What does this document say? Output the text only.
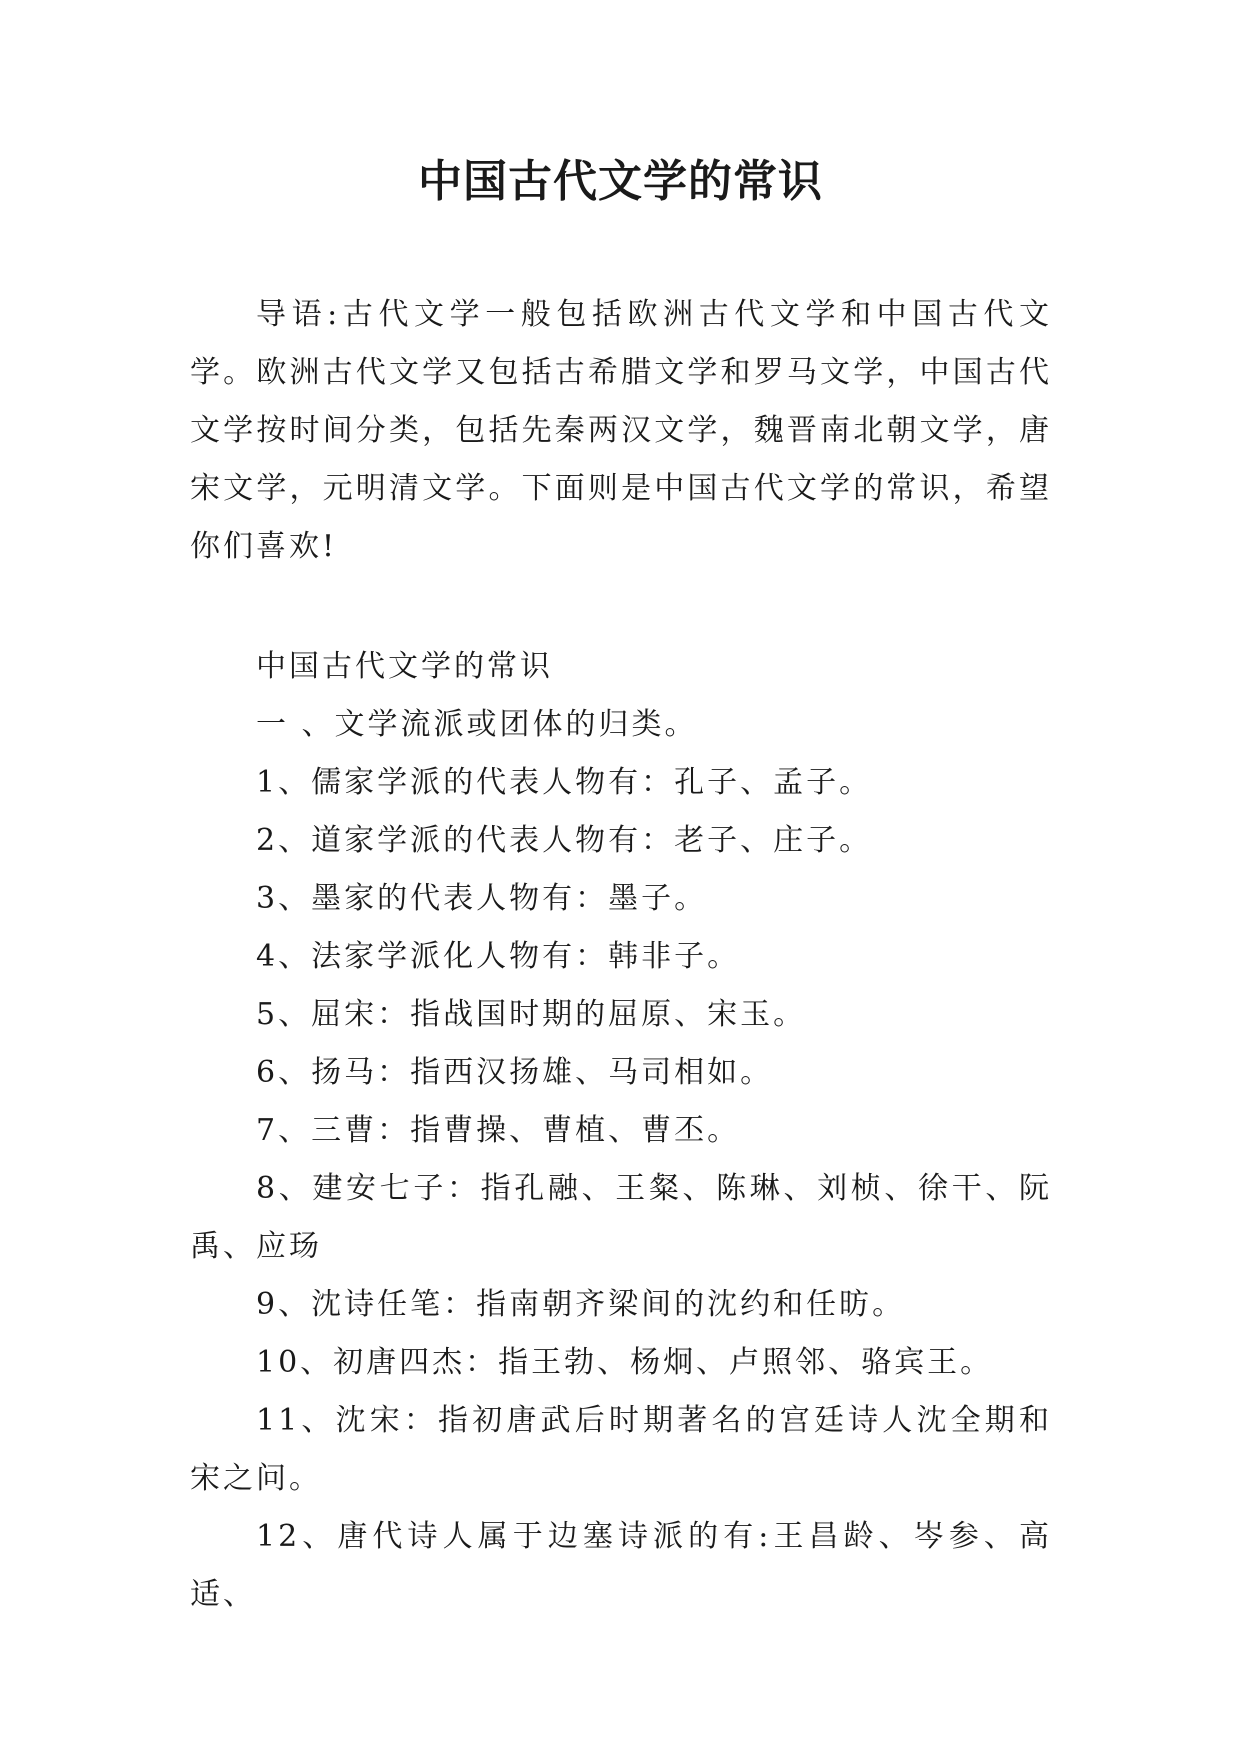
中国古代文学的常识

导语:古代文学一般包括欧洲古代文学和中国古代文学。欧洲古代文学又包括古希腊文学和罗马文学，中国古代文学按时间分类，包括先秦两汉文学，魏晋南北朝文学，唐宋文学，元明清文学。下面则是中国古代文学的常识，希望你们喜欢!

中国古代文学的常识

一 、文学流派或团体的归类。

1、儒家学派的代表人物有：孔子、孟子。

2、道家学派的代表人物有：老子、庄子。

3、墨家的代表人物有：墨子。

4、法家学派化人物有：韩非子。

5、屈宋：指战国时期的屈原、宋玉。

6、扬马：指西汉扬雄、马司相如。

7、三曹：指曹操、曹植、曹丕。

8、建安七子：指孔融、王粲、陈琳、刘桢、徐干、阮禹、应玚

9、沈诗任笔：指南朝齐梁间的沈约和任昉。

10、初唐四杰：指王勃、杨炯、卢照邻、骆宾王。

11、沈宋：指初唐武后时期著名的宫廷诗人沈全期和宋之问。

12、唐代诗人属于边塞诗派的有:王昌龄、岑参、高适、
